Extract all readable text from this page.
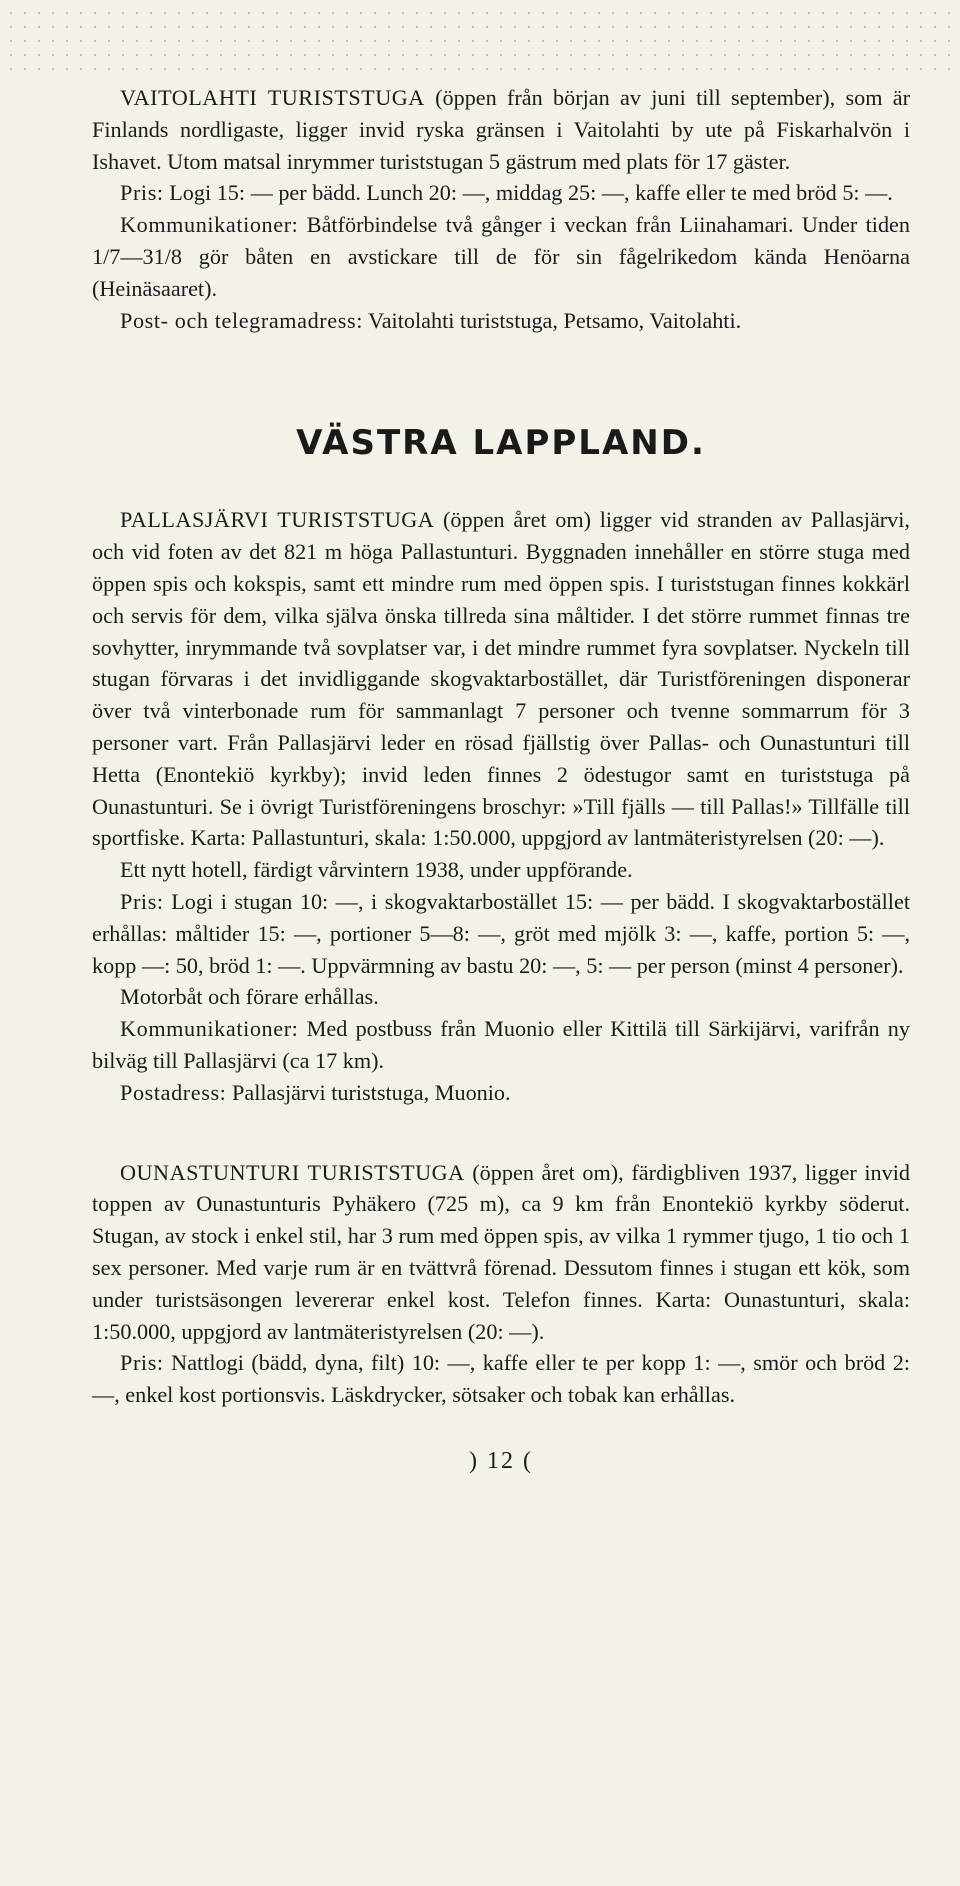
VAITOLAHTI TURISTSTUGA (öppen från början av juni till september), som är Finlands nordligaste, ligger invid ryska gränsen i Vaitolahti by ute på Fiskarhalvön i Ishavet. Utom matsal inrymmer turiststugan 5 gästrum med plats för 17 gäster.

Pris: Logi 15: — per bädd. Lunch 20: —, middag 25: —, kaffe eller te med bröd 5: —.

Kommunikationer: Båtförbindelse två gånger i veckan från Liinahamari. Under tiden 1/7—31/8 gör båten en avstickare till de för sin fågelrikedom kända Henöarna (Heinäsaaret).

Post- och telegramadress: Vaitolahti turiststuga, Petsamo, Vaitolahti.

VÄSTRA LAPPLAND.

PALLASJÄRVI TURISTSTUGA (öppen året om) ligger vid stranden av Pallasjärvi, och vid foten av det 821 m höga Pallastunturi. Byggnaden innehåller en större stuga med öppen spis och kokspis, samt ett mindre rum med öppen spis. I turiststugan finnes kokkärl och servis för dem, vilka själva önska tillreda sina måltider. I det större rummet finnas tre sovhytter, inrymmande två sovplatser var, i det mindre rummet fyra sovplatser. Nyckeln till stugan förvaras i det invidliggande skogvaktarbostället, där Turistföreningen disponerar över två vinterbonade rum för sammanlagt 7 personer och tvenne sommarrum för 3 personer vart. Från Pallasjärvi leder en rösad fjällstig över Pallas- och Ounastunturi till Hetta (Enontekiö kyrkby); invid leden finnes 2 ödestugor samt en turiststuga på Ounastunturi. Se i övrigt Turistföreningens broschyr: »Till fjälls — till Pallas!» Tillfälle till sportfiske. Karta: Pallastunturi, skala: 1:50.000, uppgjord av lantmäteristyrelsen (20: —).

Ett nytt hotell, färdigt vårvintern 1938, under uppförande.

Pris: Logi i stugan 10: —, i skogvaktarbostället 15: — per bädd. I skogvaktarbostället erhållas: måltider 15: —, portioner 5—8: —, gröt med mjölk 3: —, kaffe, portion 5: —, kopp —: 50, bröd 1: —. Uppvärmning av bastu 20: —, 5: — per person (minst 4 personer).

Motorbåt och förare erhållas.

Kommunikationer: Med postbuss från Muonio eller Kittilä till Särkijärvi, varifrån ny bilväg till Pallasjärvi (ca 17 km).

Postadress: Pallasjärvi turiststuga, Muonio.

OUNASTUNTURI TURISTSTUGA (öppen året om), färdigbliven 1937, ligger invid toppen av Ounastunturis Pyhäkero (725 m), ca 9 km från Enontekiö kyrkby söderut. Stugan, av stock i enkel stil, har 3 rum med öppen spis, av vilka 1 rymmer tjugo, 1 tio och 1 sex personer. Med varje rum är en tvättvrå förenad. Dessutom finnes i stugan ett kök, som under turistsäsongen levererar enkel kost. Telefon finnes. Karta: Ounastunturi, skala: 1:50.000, uppgjord av lantmäteristyrelsen (20: —).

Pris: Nattlogi (bädd, dyna, filt) 10: —, kaffe eller te per kopp 1: —, smör och bröd 2: —, enkel kost portionsvis. Läskdrycker, sötsaker och tobak kan erhållas.

) 12 (
